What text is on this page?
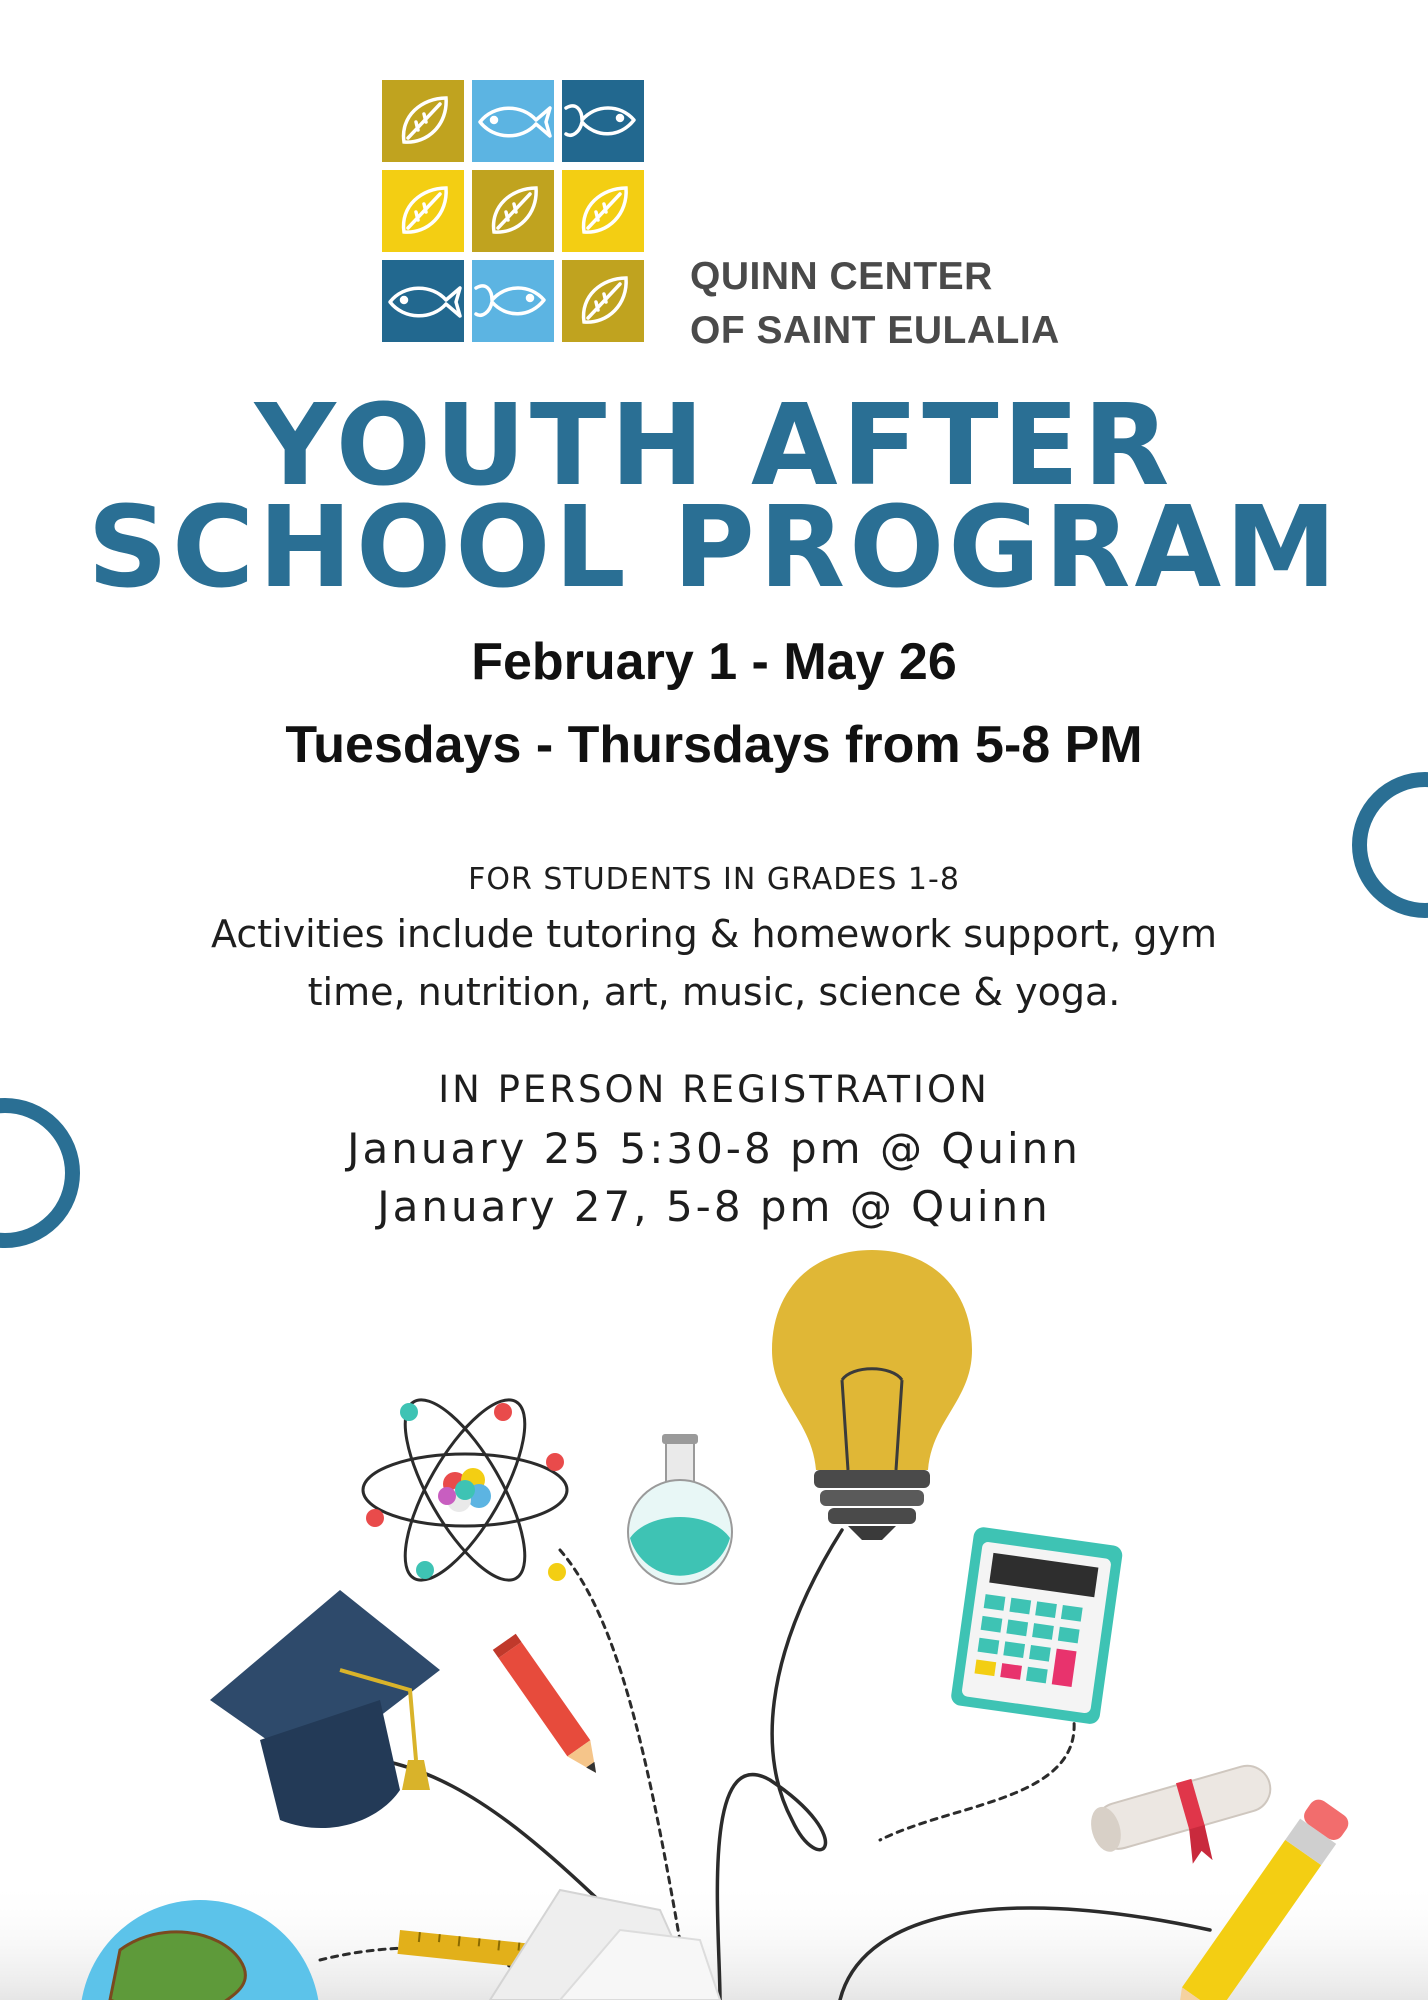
QUINN CENTER
OF SAINT EULALIA
YOUTH AFTER
SCHOOL PROGRAM
February 1 - May 26
Tuesdays - Thursdays from 5-8 PM
FOR STUDENTS IN GRADES 1-8
Activities include tutoring & homework support, gym
time, nutrition, art, music, science & yoga.
IN PERSON REGISTRATION
January 25 5:30-8 pm @ Quinn
January 27, 5-8 pm @ Quinn
